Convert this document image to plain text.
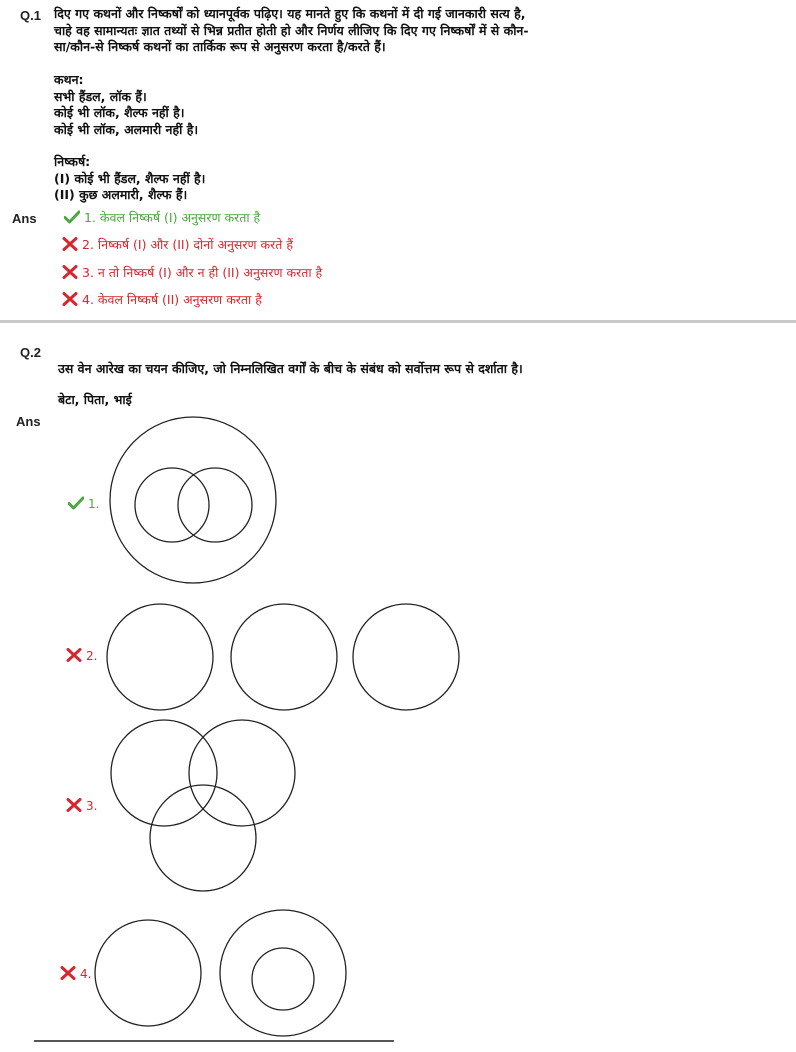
Q.1 दिए गए कथनों और निष्कर्षों को ध्यानपूर्वक पढ़िए। यह मानते हुए कि कथनों में दी गई जानकारी सत्य है,
चाहे वह सामान्यतः ज्ञात तथ्यों से भिन्न प्रतीत होती हो और निर्णय लीजिए कि दिए गए निष्कर्षों में से कौन-
सा/कौन-से निष्कर्ष कथनों का तार्किक रूप से अनुसरण करता है/करते हैं।
कथन:
सभी हैंडल, लॉक हैं।
कोई भी लॉक, शैल्फ नहीं है।
कोई भी लॉक, अलमारी नहीं है।
निष्कर्ष:
(I) कोई भी हैंडल, शैल्फ नहीं है।
(II) कुछ अलमारी, शैल्फ हैं।
Ans	1. केवल निष्कर्ष (I) अनुसरण करता है
2. निष्कर्ष (I) और (II) दोनों अनुसरण करते हैं
3. न तो निष्कर्ष (I) और न ही (II) अनुसरण करता है
4. केवल निष्कर्ष (II) अनुसरण करता है
Q.2
उस वेन आरेख का चयन कीजिए, जो निम्नलिखित वर्गों के बीच के संबंध को सर्वोत्तम रूप से दर्शाता है।
बेटा, पिता, भाई
Ans
1.
2.
3.
4.
